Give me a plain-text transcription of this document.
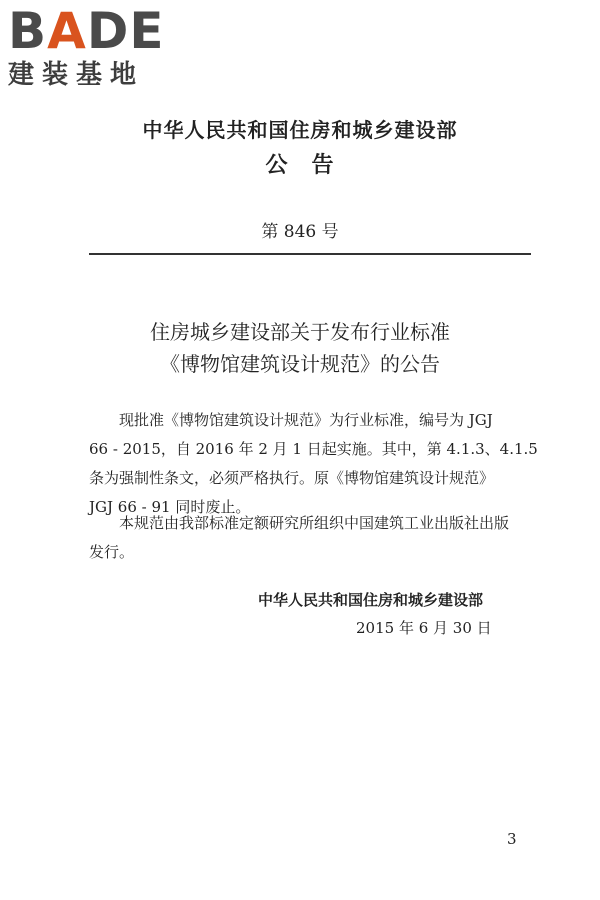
BADE
建装基地
中华人民共和国住房和城乡建设部
公　告
第 846 号
住房城乡建设部关于发布行业标准
《博物馆建筑设计规范》的公告

现批准《博物馆建筑设计规范》为行业标准，编号为 JGJ

66 - 2015，自 2016 年 2 月 1 日起实施。其中，第 4.1.3、4.1.5

条为强制性条文，必须严格执行。原《博物馆建筑设计规范》

JGJ 66 - 91 同时废止。

本规范由我部标准定额研究所组织中国建筑工业出版社出版

发行。

中华人民共和国住房和城乡建设部
2015 年 6 月 30 日
3
